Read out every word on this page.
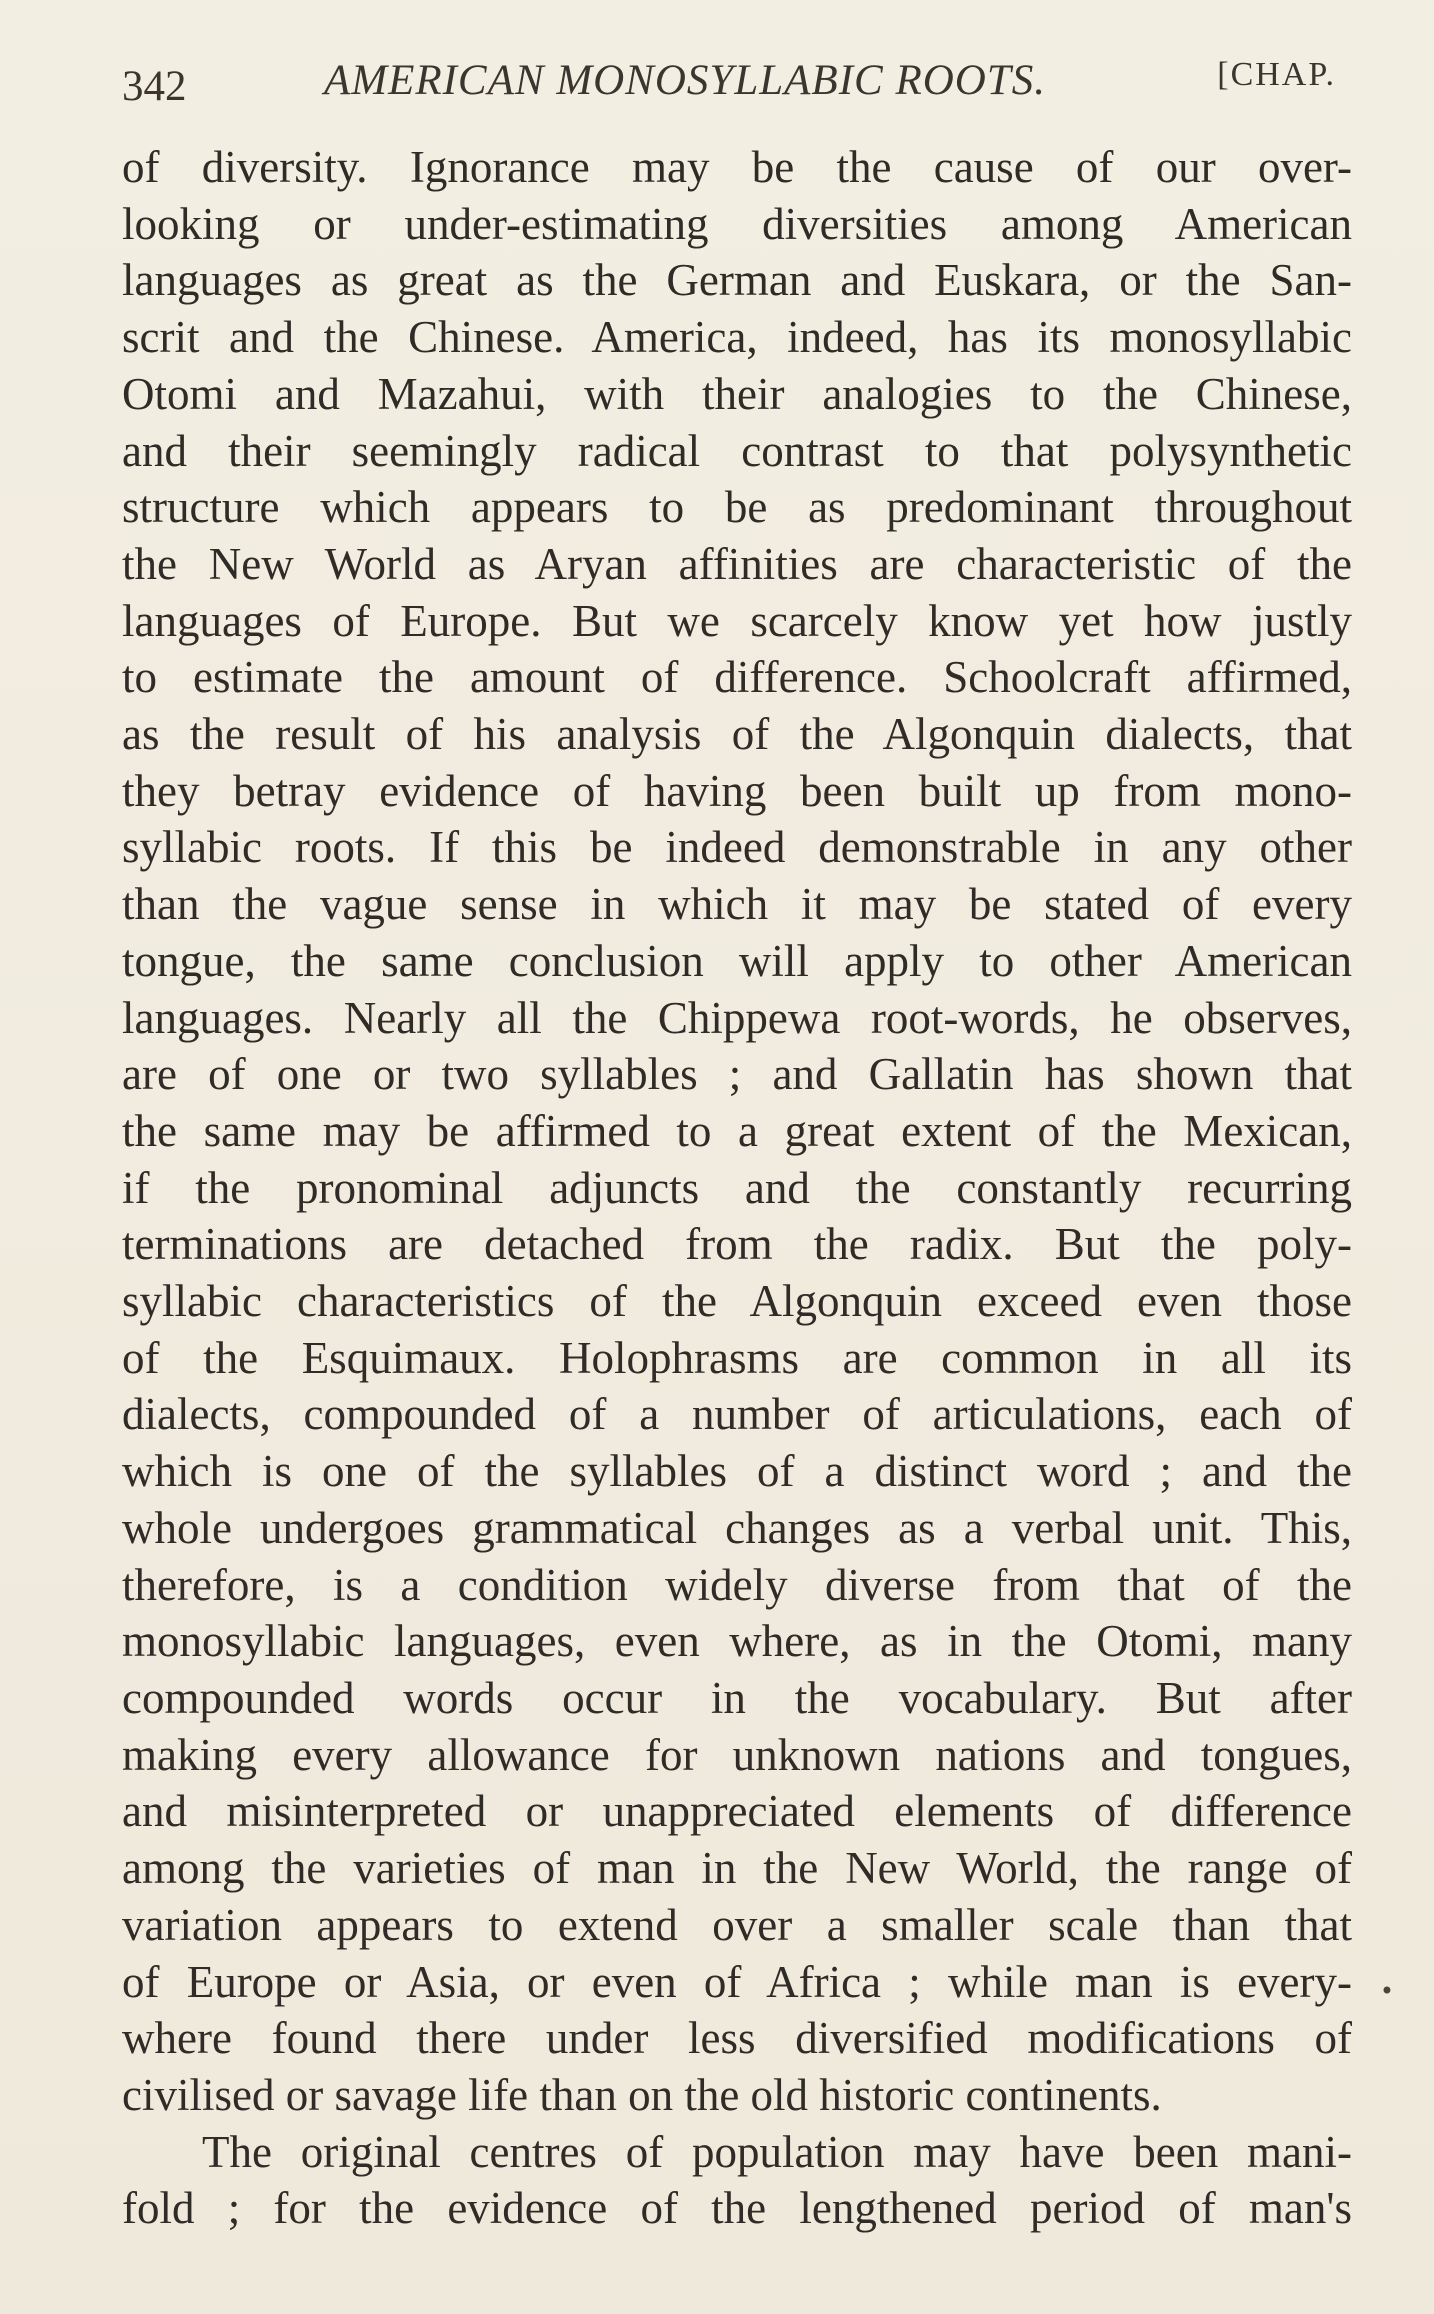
342	AMERICAN MONOSYLLABIC ROOTS.	[CHAP.
of diversity. Ignorance may be the cause of our over-
looking or under-estimating diversities among American
languages as great as the German and Euskara, or the San-
scrit and the Chinese. America, indeed, has its monosyllabic
Otomi and Mazahui, with their analogies to the Chinese,
and their seemingly radical contrast to that polysynthetic
structure which appears to be as predominant throughout
the New World as Aryan affinities are characteristic of the
languages of Europe. But we scarcely know yet how justly
to estimate the amount of difference. Schoolcraft affirmed,
as the result of his analysis of the Algonquin dialects, that
they betray evidence of having been built up from mono-
syllabic roots. If this be indeed demonstrable in any other
than the vague sense in which it may be stated of every
tongue, the same conclusion will apply to other American
languages. Nearly all the Chippewa root-words, he observes,
are of one or two syllables ; and Gallatin has shown that
the same may be affirmed to a great extent of the Mexican,
if the pronominal adjuncts and the constantly recurring
terminations are detached from the radix. But the poly-
syllabic characteristics of the Algonquin exceed even those
of the Esquimaux. Holophrasms are common in all its
dialects, compounded of a number of articulations, each of
which is one of the syllables of a distinct word ; and the
whole undergoes grammatical changes as a verbal unit. This,
therefore, is a condition widely diverse from that of the
monosyllabic languages, even where, as in the Otomi, many
compounded words occur in the vocabulary. But after
making every allowance for unknown nations and tongues,
and misinterpreted or unappreciated elements of difference
among the varieties of man in the New World, the range of
variation appears to extend over a smaller scale than that
of Europe or Asia, or even of Africa ; while man is every-
where found there under less diversified modifications of
civilised or savage life than on the old historic continents.
The original centres of population may have been mani-
fold ; for the evidence of the lengthened period of man's
•
